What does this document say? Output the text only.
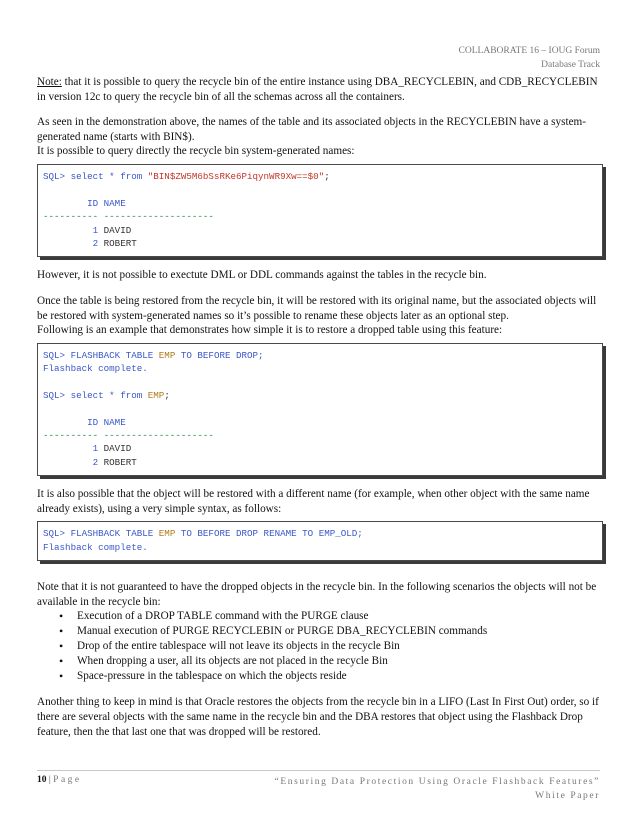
COLLABORATE 16 – IOUG Forum
Database Track

Note: that it is possible to query the recycle bin of the entire instance using DBA_RECYCLEBIN, and CDB_RECYCLEBIN in version 12c to query the recycle bin of all the schemas across all the containers.

As seen in the demonstration above, the names of the table and its associated objects in the RECYCLEBIN have a system-generated name (starts with BIN$).

It is possible to query directly the recycle bin system-generated names:

SQL> select * from "BIN$ZW5M6bSsRKe6PiqynWR9Xw==$0";
ID NAME
---------- --------------------
1 DAVID
2 ROBERT

However, it is not possible to exectute DML or DDL commands against the tables in the recycle bin.

Once the table is being restored from the recycle bin, it will be restored with its original name, but the associated objects will be restored with system-generated names so it’s possible to rename these objects later as an optional step.

Following is an example that demonstrates how simple it is to restore a dropped table using this feature:

SQL> FLASHBACK TABLE EMP TO BEFORE DROP;
Flashback complete.
SQL> select * from EMP;
ID NAME
---------- --------------------
1 DAVID
2 ROBERT

It is also possible that the object will be restored with a different name (for example, when other object with the same name already exists), using a very simple syntax, as follows:

SQL> FLASHBACK TABLE EMP TO BEFORE DROP RENAME TO EMP_OLD;
Flashback complete.

Note that it is not guaranteed to have the dropped objects in the recycle bin. In the following scenarios the objects will not be available in the recycle bin:

• Execution of a DROP TABLE command with the PURGE clause
• Manual execution of PURGE RECYCLEBIN or PURGE DBA_RECYCLEBIN commands
• Drop of the entire tablespace will not leave its objects in the recycle Bin
• When dropping a user, all its objects are not placed in the recycle Bin
• Space-pressure in the tablespace on which the objects reside

Another thing to keep in mind is that Oracle restores the objects from the recycle bin in a LIFO (Last In First Out) order, so if there are several objects with the same name in the recycle bin and the DBA restores that object using the Flashback Drop feature, then the that last one that was dropped will be restored.

10 | Page	“Ensuring Data Protection Using Oracle Flashback Features”
White Paper
